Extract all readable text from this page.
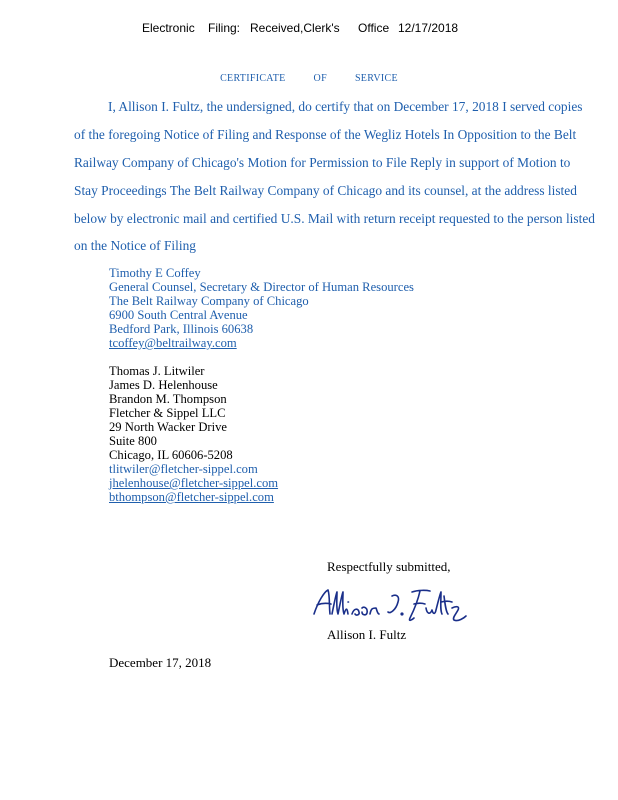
Electronic Filing: Received,Clerk's Office 12/17/2018
CERTIFICATE	OF	SERVICE
I, Allison I. Fultz, the undersigned, do certify that on December 17, 2018 I served copies
of the foregoing Notice of Filing and Response of the Wegliz Hotels In Opposition to the Belt
Railway Company of Chicago's Motion for Permission to File Reply in support of Motion to
Stay Proceedings The Belt Railway Company of Chicago and its counsel, at the address listed
below by electronic mail and certified U.S. Mail with return receipt requested to the person listed
on the Notice of Filing
Timothy E Coffey
General Counsel, Secretary & Director of Human Resources
The Belt Railway Company of Chicago
6900 South Central Avenue
Bedford Park, Illinois 60638
tcoffey@beltrailway.com
Thomas J. Litwiler
James D. Helenhouse
Brandon M. Thompson
Fletcher & Sippel LLC
29 North Wacker Drive
Suite 800
Chicago, IL 60606-5208
tlitwiler@fletcher-sippel.com
jhelenhouse@fletcher-sippel.com
bthompson@fletcher-sippel.com
Respectfully submitted,
Allison I. Fultz
December 17, 2018
